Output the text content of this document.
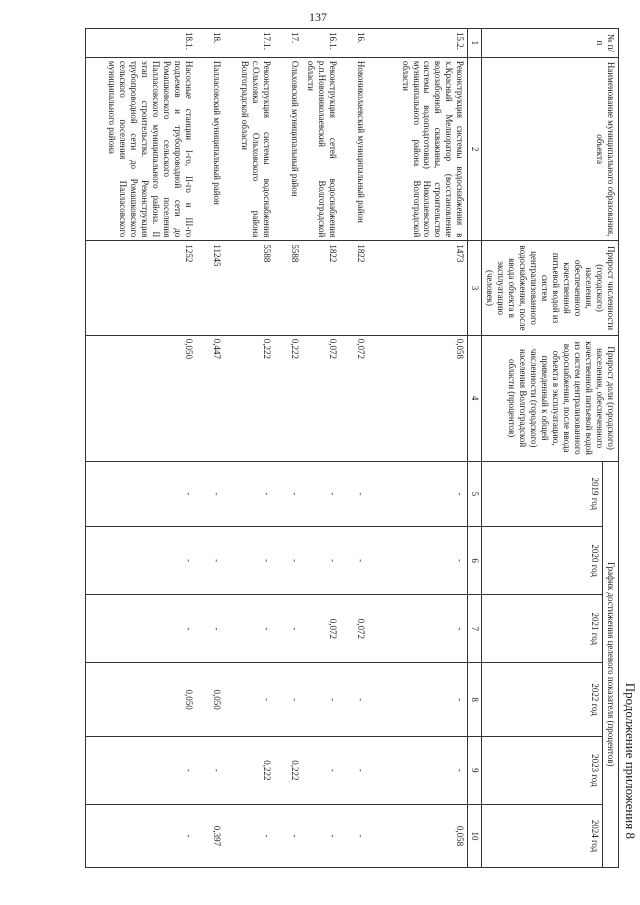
137
Продолжение приложения 8
№ п/п	Наименование муниципального образования, объекта	Прирост численности (городского) населения, обеспеченного качественной питьевой водой из систем централизованного водоснабжения, после ввода объекта в эксплуатацию (человек)	Прирост доли (городского) населения, обеспеченного качественной питьевой водой из систем централизованного водоснабжения, после ввода объекта в эксплуатацию, приведенный к общей численности (городского) населения Волгоградской области (процентов)	График достижения целевого показателя (процентов)					
				2019 год	2020 год	2021 год	2022 год	2023 год	2024 год
1	2	3	4	5	6	7	8	9	10
15.2.	Реконструкция системы водоснабжения в х.Красный Мелиоратор (восстановление водозаборной скважины, строительство системы водоподготовки) Николаевского муниципального района Волгоградской области	1473	0,058	-	-	-	-	-	0,058
16.	Новониколаевский муниципальный район	1822	0,072	-	-	0,072	-	-	-
16.1.	Реконструкция сетей водоснабжения р.п.Новониколаевский Волгоградской области	1822	0,072	-	-	0,072	-	-	-
17.	Ольховский муниципальный район	5588	0,222	-	-	-	-	0,222	-
17.1.	Реконструкция системы водоснабжения с.Ольховка Ольховского района Волгоградской области	5588	0,222	-	-	-	-	0,222	-
18.	Палласовский муниципальный район	11245	0,447	-	-	-	0,050	-	0,397
18.1.	Насосные станции I-го, II-го и III-го подъемов и трубопроводной сети до Ромашковского сельского поселения Палласовского муниципального района. II этап строительства. Реконструкция трубопроводной сети до Ромашковского сельского поселения Палласовского муниципального района	1252	0,050	-	-	-	0,050	-	-
